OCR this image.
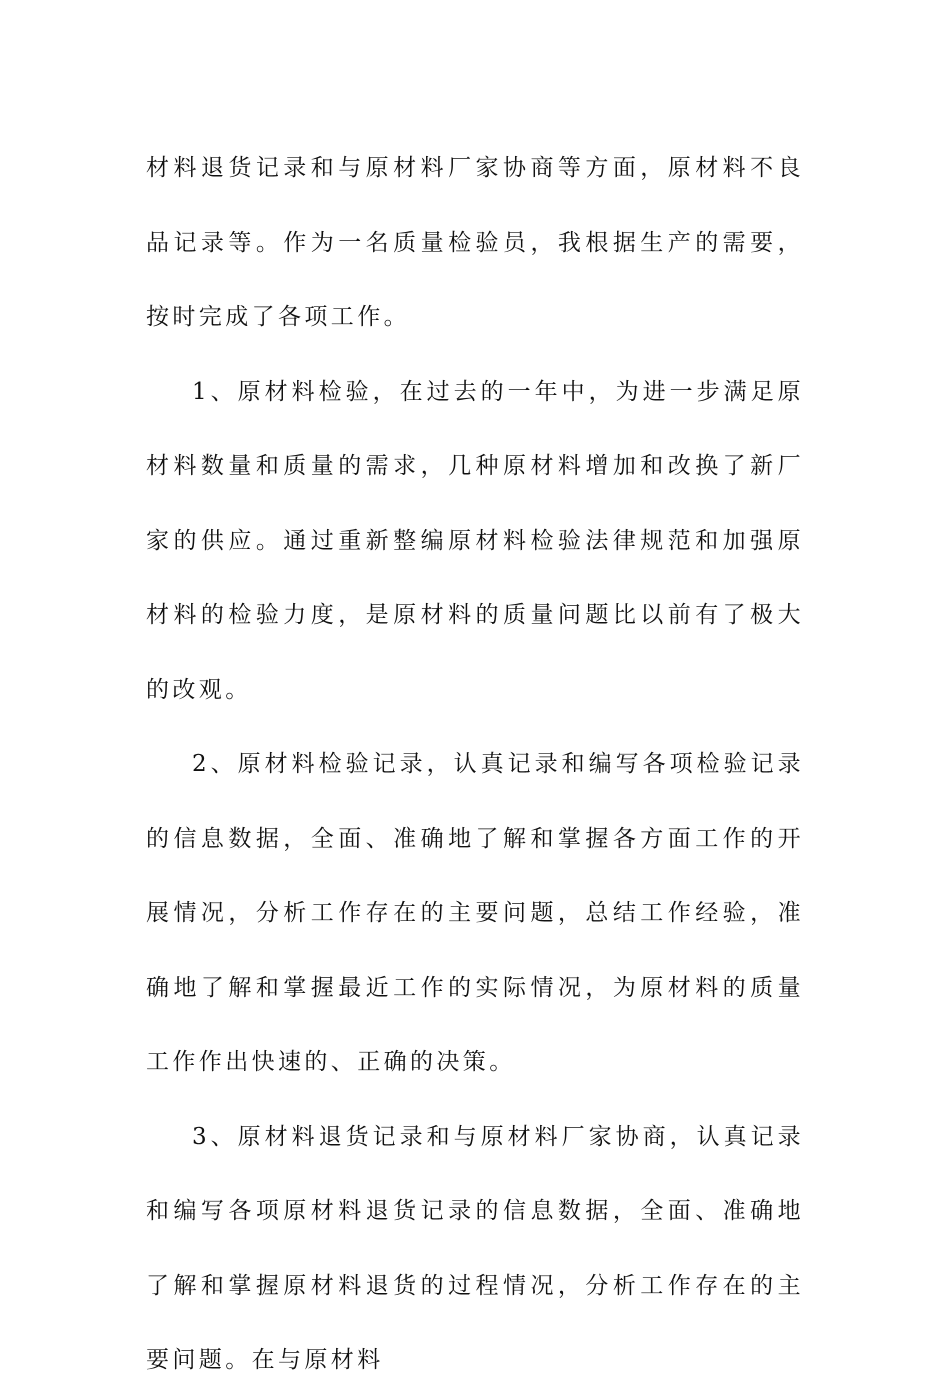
材料退货记录和与原材料厂家协商等方面，原材料不良品记录等。作为一名质量检验员，我根据生产的需要，按时完成了各项工作。

1、原材料检验，在过去的一年中，为进一步满足原材料数量和质量的需求，几种原材料增加和改换了新厂家的供应。通过重新整编原材料检验法律规范和加强原材料的检验力度，是原材料的质量问题比以前有了极大的改观。

2、原材料检验记录，认真记录和编写各项检验记录的信息数据，全面、准确地了解和掌握各方面工作的开展情况，分析工作存在的主要问题，总结工作经验，准确地了解和掌握最近工作的实际情况，为原材料的质量工作作出快速的、正确的决策。

3、原材料退货记录和与原材料厂家协商，认真记录和编写各项原材料退货记录的信息数据，全面、准确地了解和掌握原材料退货的过程情况，分析工作存在的主要问题。在与原材料
